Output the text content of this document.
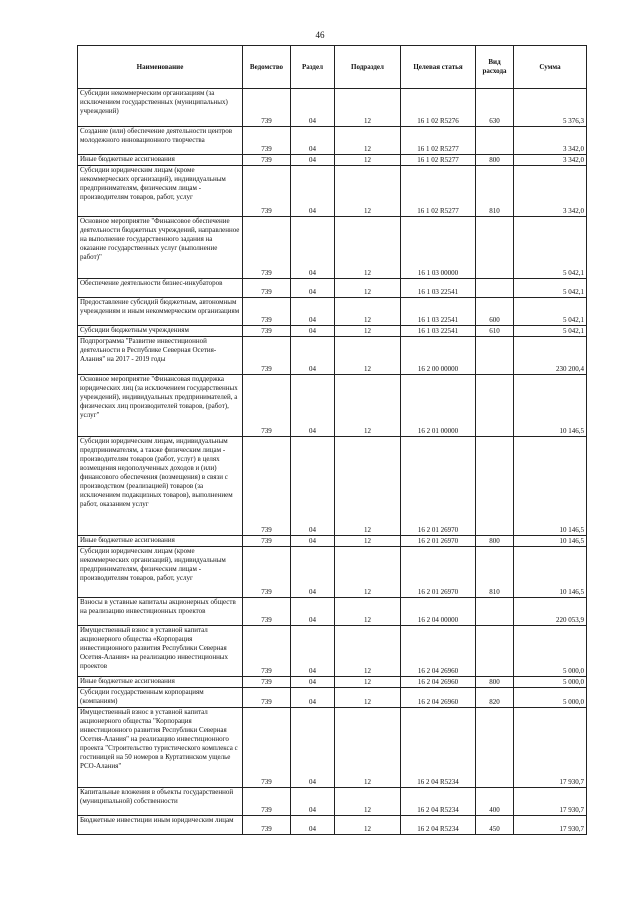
46
Наименование	Ведомство	Раздел	Подраздел	Целевая статья	Вид расхода	Сумма
Субсидии некоммерческим организациям (за исключением государственных (муниципальных) учреждений)	739	04	12	16 1 02 R5276	630	5 376,3
Создание (или) обеспечение деятельности центров молодежного инновационного творчества	739	04	12	16 1 02 R5277		3 342,0
Иные бюджетные ассигнования	739	04	12	16 1 02 R5277	800	3 342,0
Субсидии юридическим лицам (кроме некоммерческих организаций), индивидуальным предпринимателям, физическим лицам - производителям товаров, работ, услуг	739	04	12	16 1 02 R5277	810	3 342,0
Основное мероприятие "Финансовое обеспечение деятельности бюджетных учреждений, направленное на выполнение государственного задания на оказание государственных услуг (выполнение работ)"	739	04	12	16 1 03 00000		5 042,1
Обеспечение деятельности бизнес-инкубаторов	739	04	12	16 1 03 22541		5 042,1
Предоставление субсидий бюджетным, автономным учреждениям и иным некоммерческим организациям	739	04	12	16 1 03 22541	600	5 042,1
Субсидии бюджетным учреждениям	739	04	12	16 1 03 22541	610	5 042,1
Подпрограмма "Развитие инвестиционной деятельности в Республике Северная Осетия-Алания" на 2017 - 2019 годы	739	04	12	16 2 00 00000		230 200,4
Основное мероприятие "Финансовая поддержка юридических лиц (за исключением государственных учреждений), индивидуальных предпринимателей, а физических лиц производителей товаров, (работ), услуг"	739	04	12	16 2 01 00000		10 146,5
Субсидии юридическим лицам, индивидуальным предпринимателям, а также физическим лицам - производителям товаров (работ, услуг) в целях возмещения недополученных доходов и (или) финансового обеспечения (возмещения) в связи с производством (реализацией) товаров (за исключением подакцизных товаров), выполнением работ, оказанием услуг	739	04	12	16 2 01 26970		10 146,5
Иные бюджетные ассигнования	739	04	12	16 2 01 26970	800	10 146,5
Субсидии юридическим лицам (кроме некоммерческих организаций), индивидуальным предпринимателям, физическим лицам - производителям товаров, работ, услуг	739	04	12	16 2 01 26970	810	10 146,5
Взносы в уставные капиталы акционерных обществ на реализацию инвестиционных проектов	739	04	12	16 2 04 00000		220 053,9
Имущественный взнос в уставной капитал акционерного общества «Корпорация инвестиционного развития Республики Северная Осетия-Алания» на реализацию инвестиционных проектов	739	04	12	16 2 04 26960		5 000,0
Иные бюджетные ассигнования	739	04	12	16 2 04 26960	800	5 000,0
Субсидии государственным корпорациям (компаниям)	739	04	12	16 2 04 26960	820	5 000,0
Имущественный взнос в уставной капитал акционерного общества "Корпорация инвестиционного развития Республики Северная Осетия-Алания" на реализацию инвестиционного проекта "Строительство туристического комплекса с гостиницей на 50 номеров в Куртатинском ущелье РСО-Алания"	739	04	12	16 2 04 R5234		17 930,7
Капитальные вложения в объекты государственной (муниципальной) собственности	739	04	12	16 2 04 R5234	400	17 930,7
Бюджетные инвестиции иным юридическим лицам	739	04	12	16 2 04 R5234	450	17 930,7
